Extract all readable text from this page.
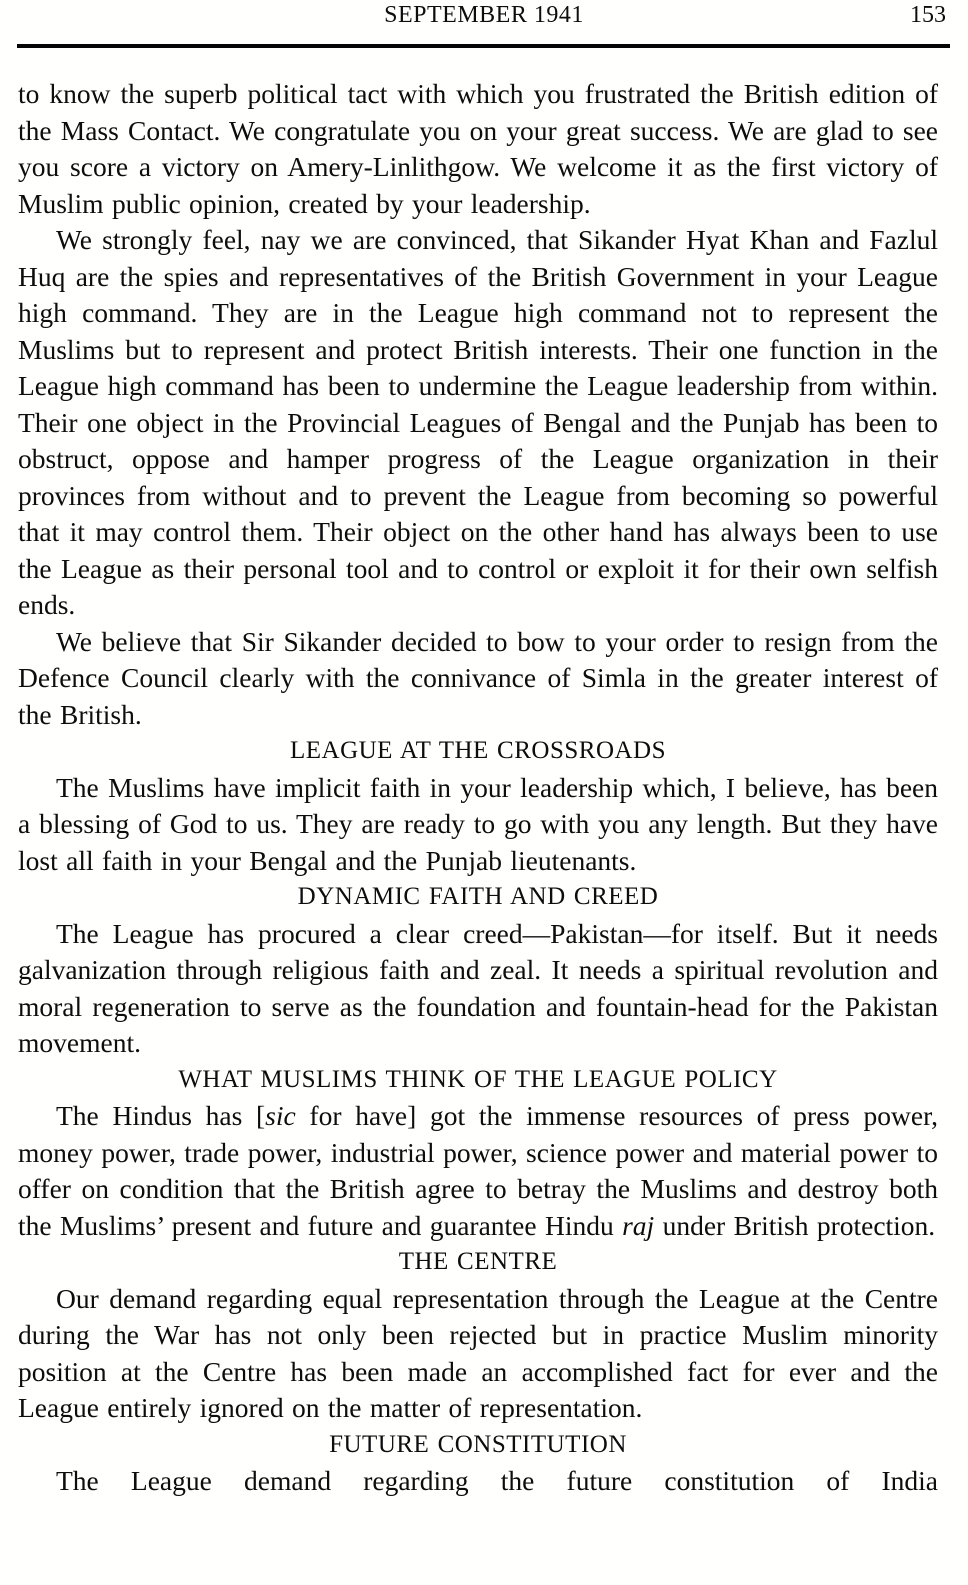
SEPTEMBER 1941	153

to know the superb political tact with which you frustrated the British edition of the Mass Contact. We congratulate you on your great success. We are glad to see you score a victory on Amery-Linlithgow. We welcome it as the first victory of Muslim public opinion, created by your leadership.

We strongly feel, nay we are convinced, that Sikander Hyat Khan and Fazlul Huq are the spies and representatives of the British Government in your League high command. They are in the League high command not to represent the Muslims but to represent and protect British interests. Their one function in the League high command has been to undermine the League leadership from within. Their one object in the Provincial Leagues of Bengal and the Punjab has been to obstruct, oppose and hamper progress of the League organization in their provinces from without and to prevent the League from becoming so powerful that it may control them. Their object on the other hand has always been to use the League as their personal tool and to control or exploit it for their own selfish ends.

We believe that Sir Sikander decided to bow to your order to resign from the Defence Council clearly with the connivance of Simla in the greater interest of the British.

LEAGUE AT THE CROSSROADS

The Muslims have implicit faith in your leadership which, I believe, has been a blessing of God to us. They are ready to go with you any length. But they have lost all faith in your Bengal and the Punjab lieutenants.

DYNAMIC FAITH AND CREED

The League has procured a clear creed—Pakistan—for itself. But it needs galvanization through religious faith and zeal. It needs a spiritual revolution and moral regeneration to serve as the foundation and fountain-head for the Pakistan movement.

WHAT MUSLIMS THINK OF THE LEAGUE POLICY

The Hindus has [sic for have] got the immense resources of press power, money power, trade power, industrial power, science power and material power to offer on condition that the British agree to betray the Muslims and destroy both the Muslims’ present and future and guarantee Hindu raj under British protection.

THE CENTRE

Our demand regarding equal representation through the League at the Centre during the War has not only been rejected but in practice Muslim minority position at the Centre has been made an accomplished fact for ever and the League entirely ignored on the matter of representation.

FUTURE CONSTITUTION

The League demand regarding the future constitution of India
